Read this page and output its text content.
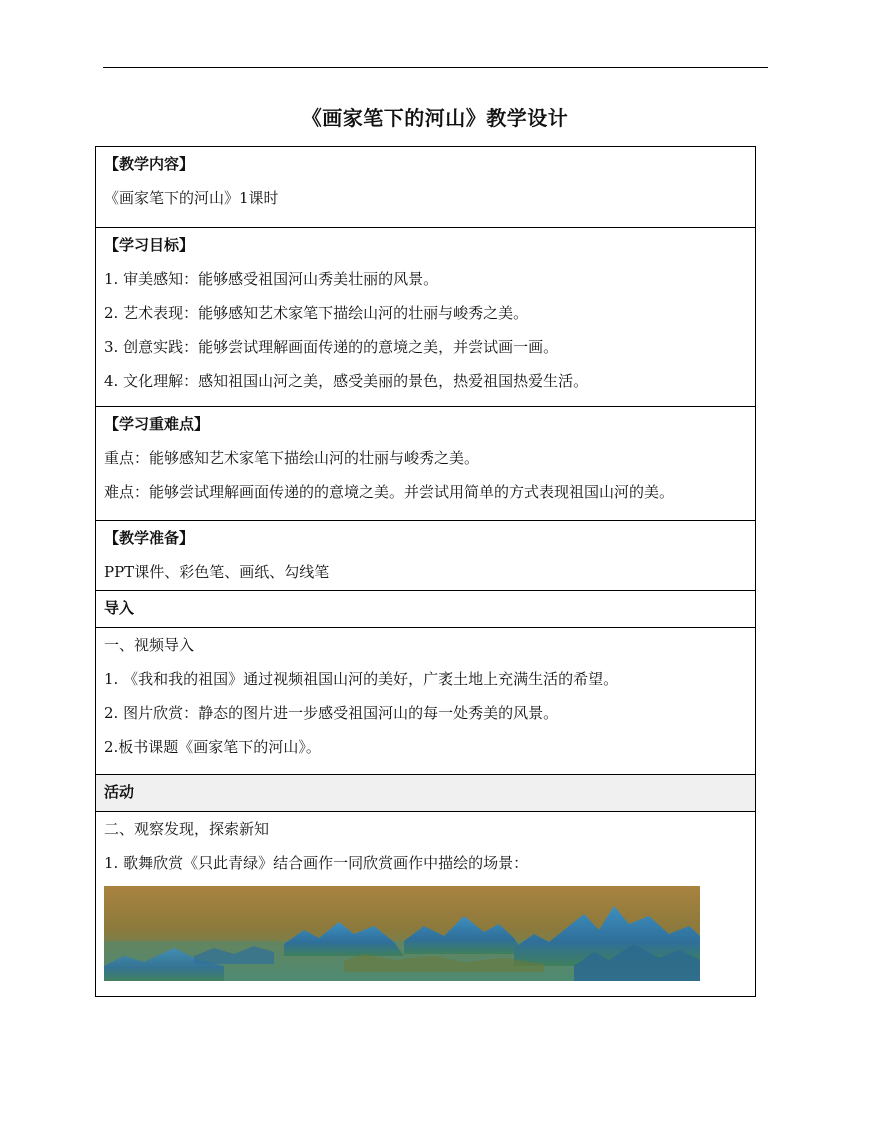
《画家笔下的河山》教学设计
【教学内容】
《画家笔下的河山》1课时

【学习目标】
1. 审美感知：能够感受祖国河山秀美壮丽的风景。
2. 艺术表现：能够感知艺术家笔下描绘山河的壮丽与峻秀之美。
3. 创意实践：能够尝试理解画面传递的的意境之美，并尝试画一画。
4. 文化理解：感知祖国山河之美，感受美丽的景色，热爱祖国热爱生活。

【学习重难点】
重点：能够感知艺术家笔下描绘山河的壮丽与峻秀之美。
难点：能够尝试理解画面传递的的意境之美。并尝试用简单的方式表现祖国山河的美。

【教学准备】
PPT课件、彩色笔、画纸、勾线笔

导入

一、视频导入
1. 《我和我的祖国》通过视频祖国山河的美好，广袤土地上充满生活的希望。
2. 图片欣赏：静态的图片进一步感受祖国河山的每一处秀美的风景。
2.板书课题《画家笔下的河山》。

活动

二、观察发现，探索新知
1. 歌舞欣赏《只此青绿》结合画作一同欣赏画作中描绘的场景：
